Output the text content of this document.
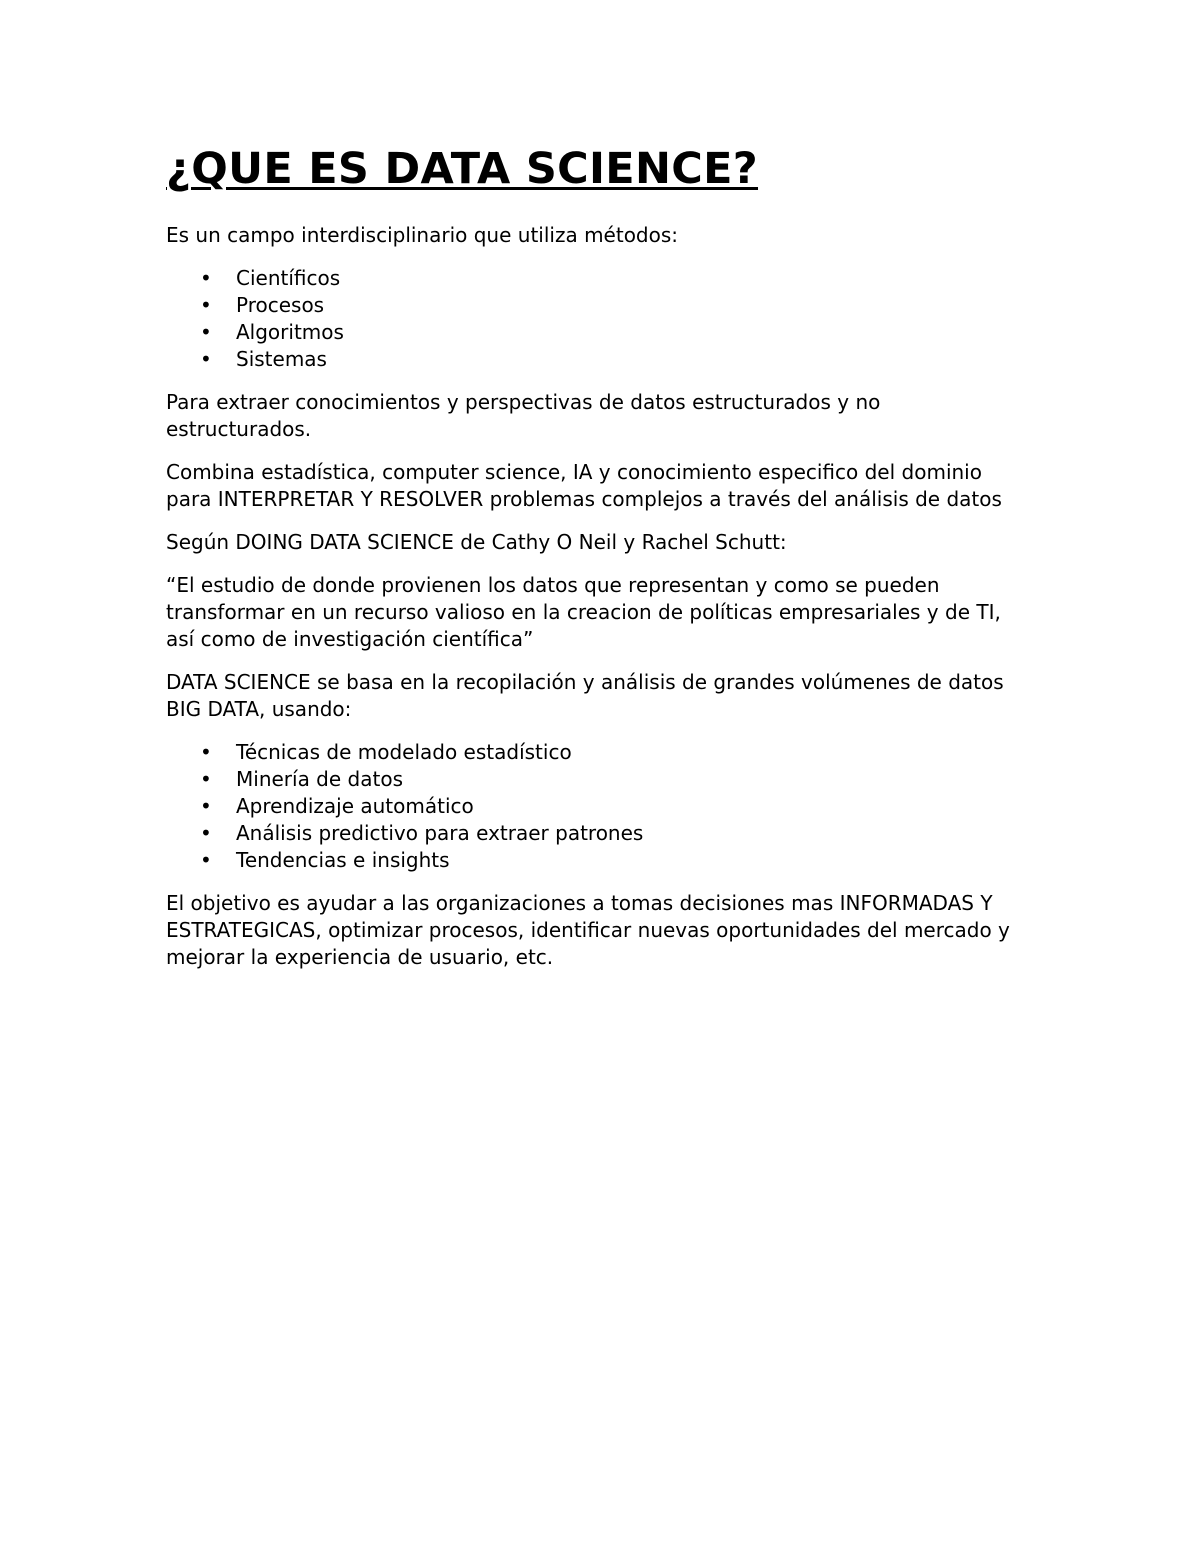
¿QUE ES DATA SCIENCE?

Es un campo interdisciplinario que utiliza métodos:

• Científicos
• Procesos
• Algoritmos
• Sistemas

Para extraer conocimientos y perspectivas de datos estructurados y no estructurados.

Combina estadística, computer science, IA y conocimiento especifico del dominio para INTERPRETAR Y RESOLVER problemas complejos a través del análisis de datos

Según DOING DATA SCIENCE de Cathy O Neil y Rachel Schutt:

“El estudio de donde provienen los datos que representan y como se pueden transformar en un recurso valioso en la creacion de políticas empresariales y de TI, así como de investigación científica”

DATA SCIENCE se basa en la recopilación y análisis de grandes volúmenes de datos BIG DATA, usando:

• Técnicas de modelado estadístico
• Minería de datos
• Aprendizaje automático
• Análisis predictivo para extraer patrones
• Tendencias e insights

El objetivo es ayudar a las organizaciones a tomas decisiones mas INFORMADAS Y ESTRATEGICAS, optimizar procesos, identificar nuevas oportunidades del mercado y mejorar la experiencia de usuario, etc.
